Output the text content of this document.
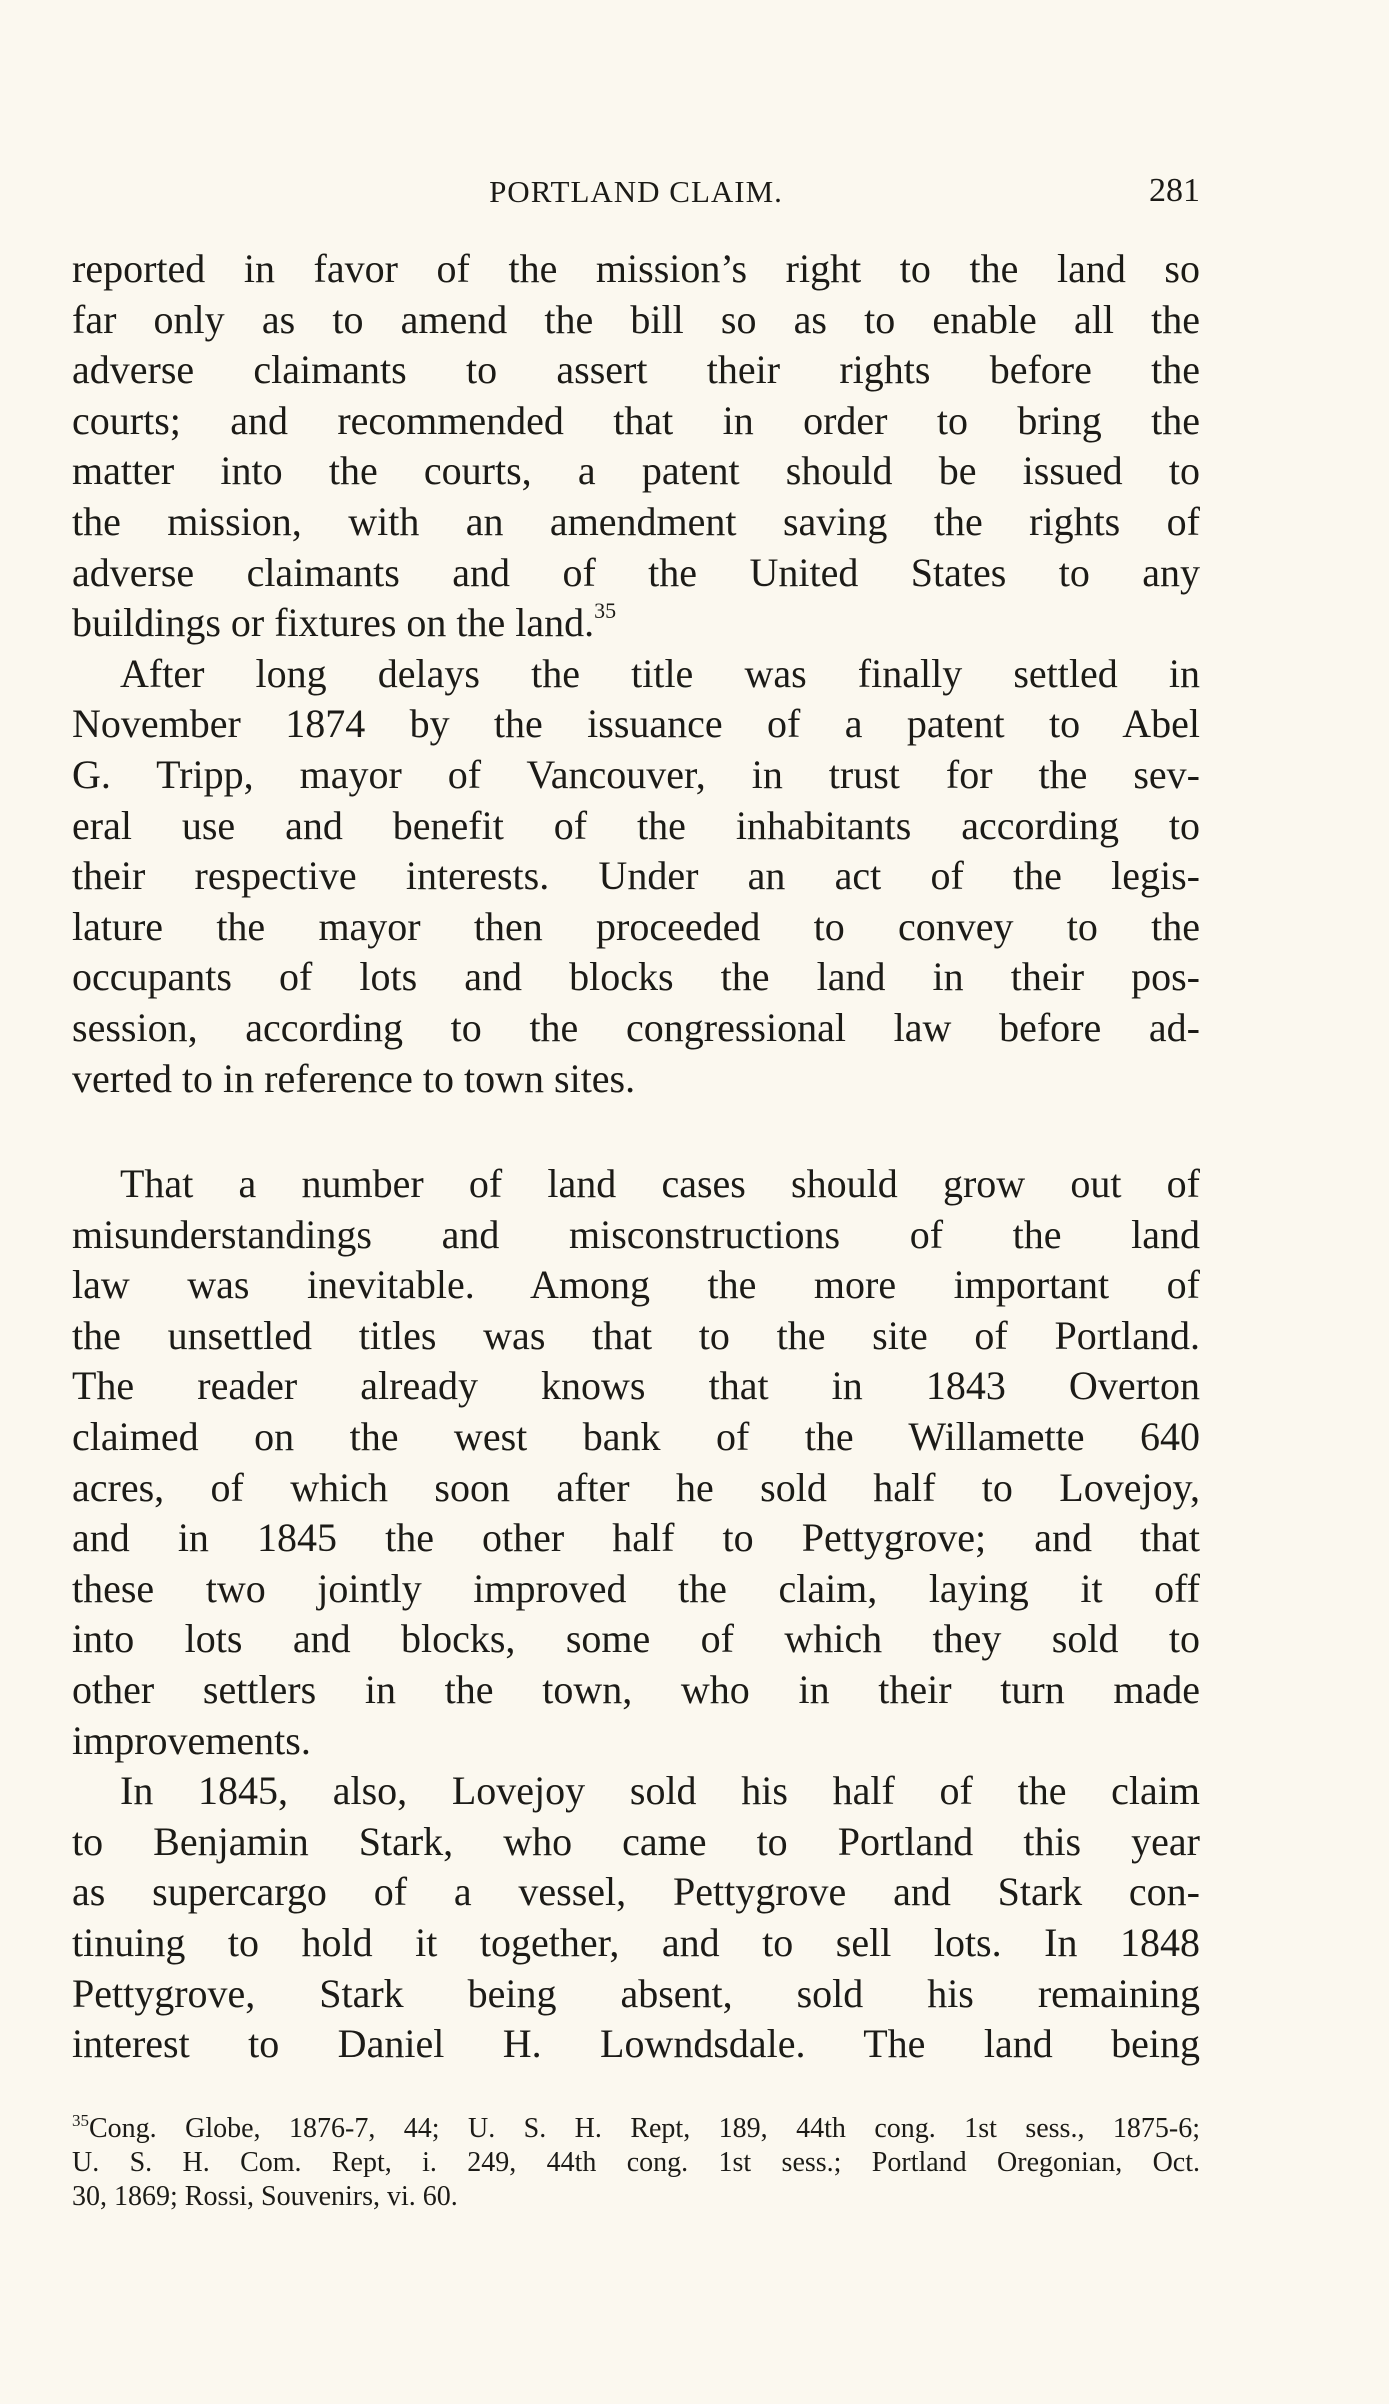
PORTLAND CLAIM.	281
reported in favor of the mission’s right to the land so
far only as to amend the bill so as to enable all the
adverse claimants to assert their rights before the
courts; and recommended that in order to bring the
matter into the courts, a patent should be issued to
the mission, with an amendment saving the rights of
adverse claimants and of the United States to any
buildings or fixtures on the land.$^{35}$
After long delays the title was finally settled in
November 1874 by the issuance of a patent to Abel
G. Tripp, mayor of Vancouver, in trust for the sev-
eral use and benefit of the inhabitants according to
their respective interests. Under an act of the legis-
lature the mayor then proceeded to convey to the
occupants of lots and blocks the land in their pos-
session, according to the congressional law before ad-
verted to in reference to town sites.
That a number of land cases should grow out of
misunderstandings and misconstructions of the land
law was inevitable. Among the more important of
the unsettled titles was that to the site of Portland.
The reader already knows that in 1843 Overton
claimed on the west bank of the Willamette 640
acres, of which soon after he sold half to Lovejoy,
and in 1845 the other half to Pettygrove; and that
these two jointly improved the claim, laying it off
into lots and blocks, some of which they sold to
other settlers in the town, who in their turn made
improvements.
In 1845, also, Lovejoy sold his half of the claim
to Benjamin Stark, who came to Portland this year
as supercargo of a vessel, Pettygrove and Stark con-
tinuing to hold it together, and to sell lots. In 1848
Pettygrove, Stark being absent, sold his remaining
interest to Daniel H. Lowndsdale. The land being
$^{35}$Cong. Globe, 1876-7, 44; U. S. H. Rept, 189, 44th cong. 1st sess., 1875-6;
U. S. H. Com. Rept, i. 249, 44th cong. 1st sess.; Portland Oregonian, Oct.
30, 1869; Rossi, Souvenirs, vi. 60.
